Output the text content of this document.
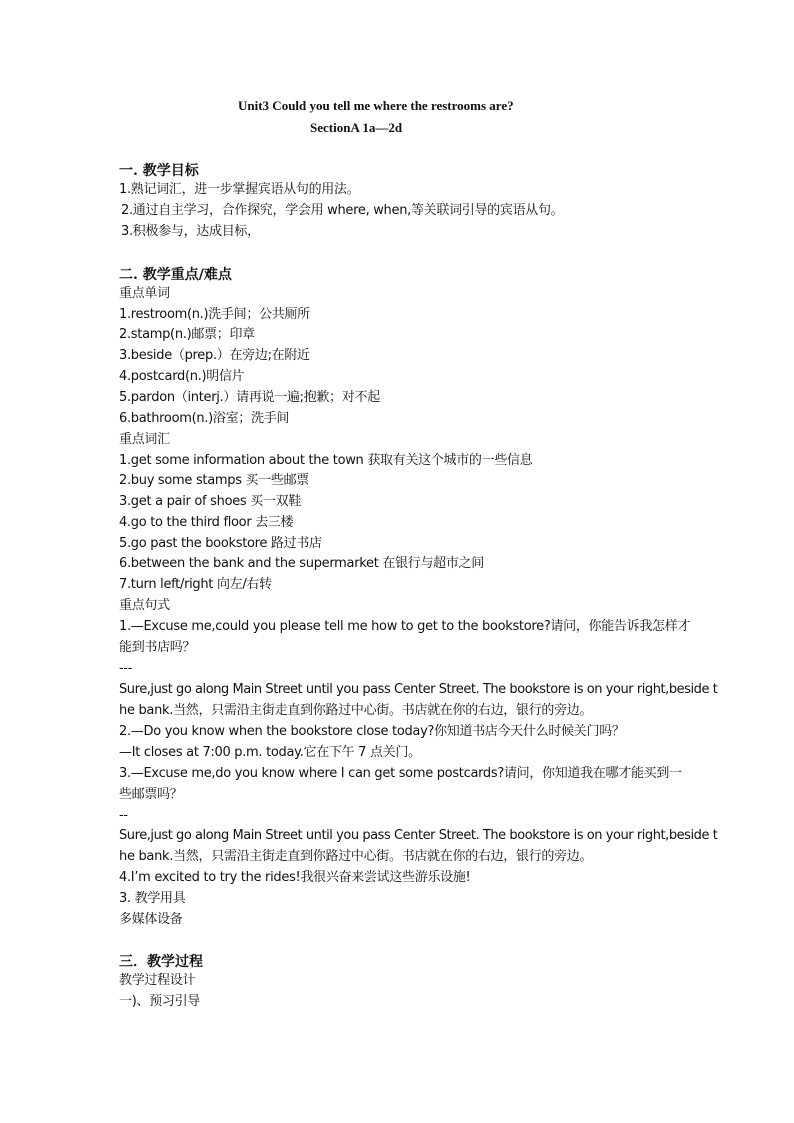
Unit3 Could you tell me where the restrooms are?
SectionA 1a—2d
一. 教学目标
1.熟记词汇，进一步掌握宾语从句的用法。
2.通过自主学习，合作探究，学会用 where, when,等关联词引导的宾语从句。
3.积极参与，达成目标，
二. 教学重点/难点
重点单词
1.restroom(n.)洗手间；公共厕所
2.stamp(n.)邮票；印章
3.beside（prep.）在旁边;在附近
4.postcard(n.)明信片
5.pardon（interj.）请再说一遍;抱歉；对不起
6.bathroom(n.)浴室；洗手间
重点词汇
1.get some information about the town 获取有关这个城市的一些信息
2.buy some stamps 买一些邮票
3.get a pair of shoes 买一双鞋
4.go to the third floor 去三楼
5.go past the bookstore 路过书店
6.between the bank and the supermarket 在银行与超市之间
7.turn left/right 向左/右转
重点句式
1.—Excuse me,could you please tell me how to get to the bookstore?请问，你能告诉我怎样才
能到书店吗？
---
Sure,just go along Main Street until you pass Center Street. The bookstore is on your right,beside t
he bank.当然，只需沿主街走直到你路过中心街。书店就在你的右边，银行的旁边。
2.—Do you know when the bookstore close today?你知道书店今天什么时候关门吗？
—It closes at 7:00 p.m. today.它在下午 7 点关门。
3.—Excuse me,do you know where I can get some postcards?请问，你知道我在哪才能买到一
些邮票吗？
--
Sure,just go along Main Street until you pass Center Street. The bookstore is on your right,beside t
he bank.当然，只需沿主街走直到你路过中心街。书店就在你的右边，银行的旁边。
4.I’m excited to try the rides!我很兴奋来尝试这些游乐设施!
3. 教学用具
多媒体设备
三．教学过程
教学过程设计
一)、预习引导
